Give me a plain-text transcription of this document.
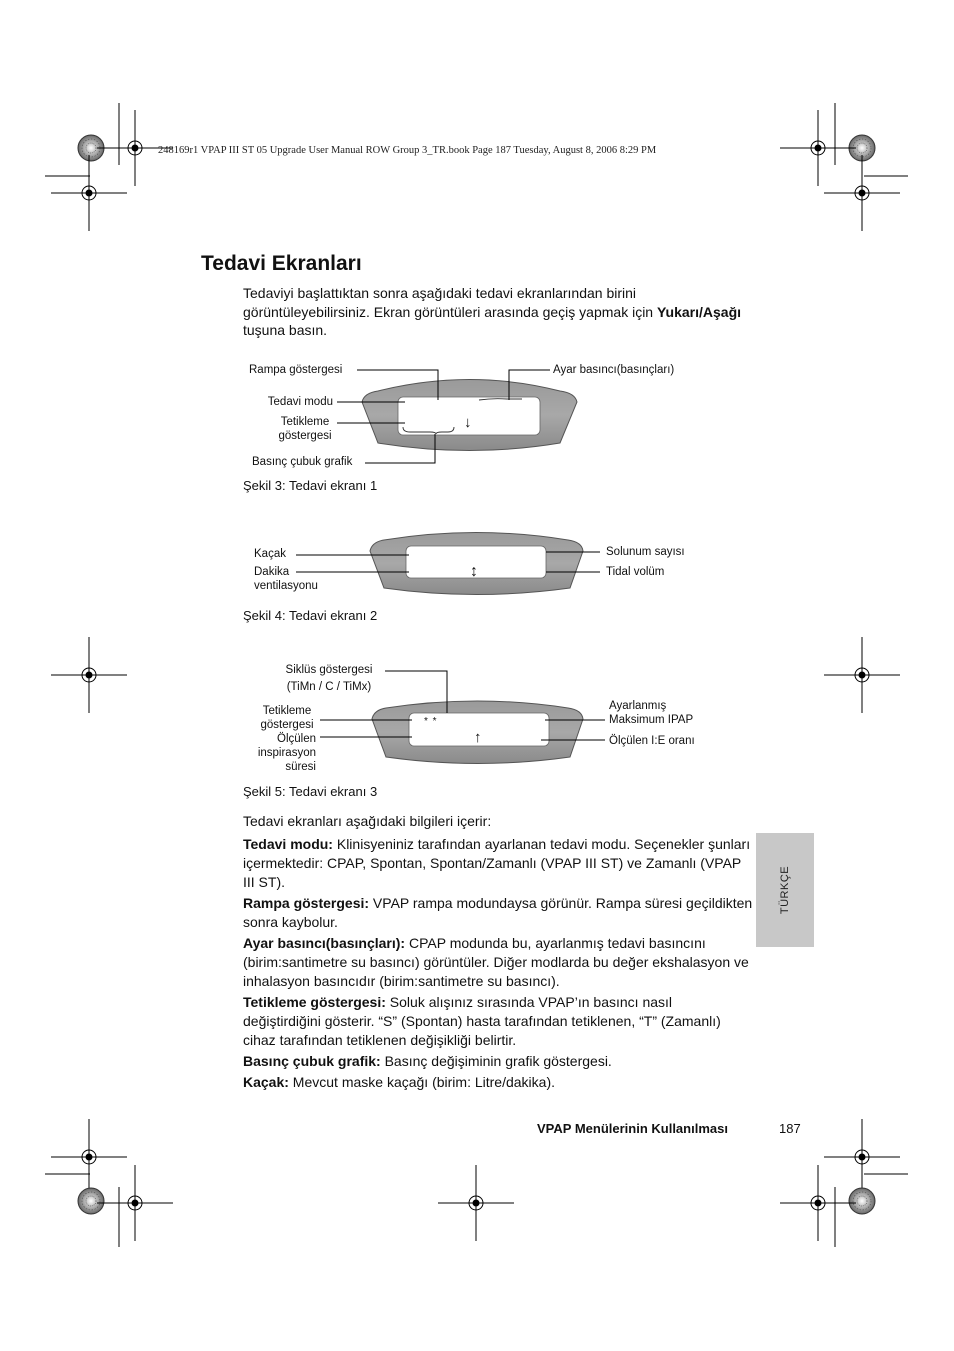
248169r1 VPAP III ST 05 Upgrade User Manual ROW Group 3_TR.book Page 187 Tuesday, August 8, 2006 8:29 PM
Tedavi Ekranları
Tedaviyi başlattıktan sonra aşağıdaki tedavi ekranlarından birini görüntüleyebilirsiniz. Ekran görüntüleri arasında geçiş yapmak için Yukarı/Aşağı tuşuna basın.
Rampa göstergesi	Ayar basıncı(basınçları)
Tedavi modu
Tetikleme
göstergesi
Basınç çubuk grafik
↓
Şekil 3: Tedavi ekranı 1
Kaçak
Dakika
ventilasyonu
Solunum sayısı
Tidal volüm
↕
Şekil 4: Tedavi ekranı 2
Siklüs göstergesi
(TiMn / C / TiMx)
Tetikleme
göstergesi
Ölçülen
inspirasyon
süresi
Ayarlanmış
Maksimum IPAP
Ölçülen I:E oranı
* *
↑
Şekil 5: Tedavi ekranı 3

Tedavi ekranları aşağıdaki bilgileri içerir:

Tedavi modu: Klinisyeniniz tarafından ayarlanan tedavi modu. Seçenekler şunları içermektedir: CPAP, Spontan, Spontan/Zamanlı (VPAP III ST) ve Zamanlı (VPAP III ST).

Rampa göstergesi: VPAP rampa modundaysa görünür. Rampa süresi geçildikten sonra kaybolur.

Ayar basıncı(basınçları): CPAP modunda bu, ayarlanmış tedavi basıncını (birim:santimetre su basıncı) görüntüler. Diğer modlarda bu değer ekshalasyon ve inhalasyon basıncıdır (birim:santimetre su basıncı).

Tetikleme göstergesi: Soluk alışınız sırasında VPAP’ın basıncı nasıl değiştirdiğini gösterir. “S” (Spontan) hasta tarafından tetiklenen, “T” (Zamanlı) cihaz tarafından tetiklenen değişikliği belirtir.

Basınç çubuk grafik: Basınç değişiminin grafik göstergesi.

Kaçak: Mevcut maske kaçağı (birim: Litre/dakika).

TÜRKÇE
VPAP Menülerinin Kullanılması	187
